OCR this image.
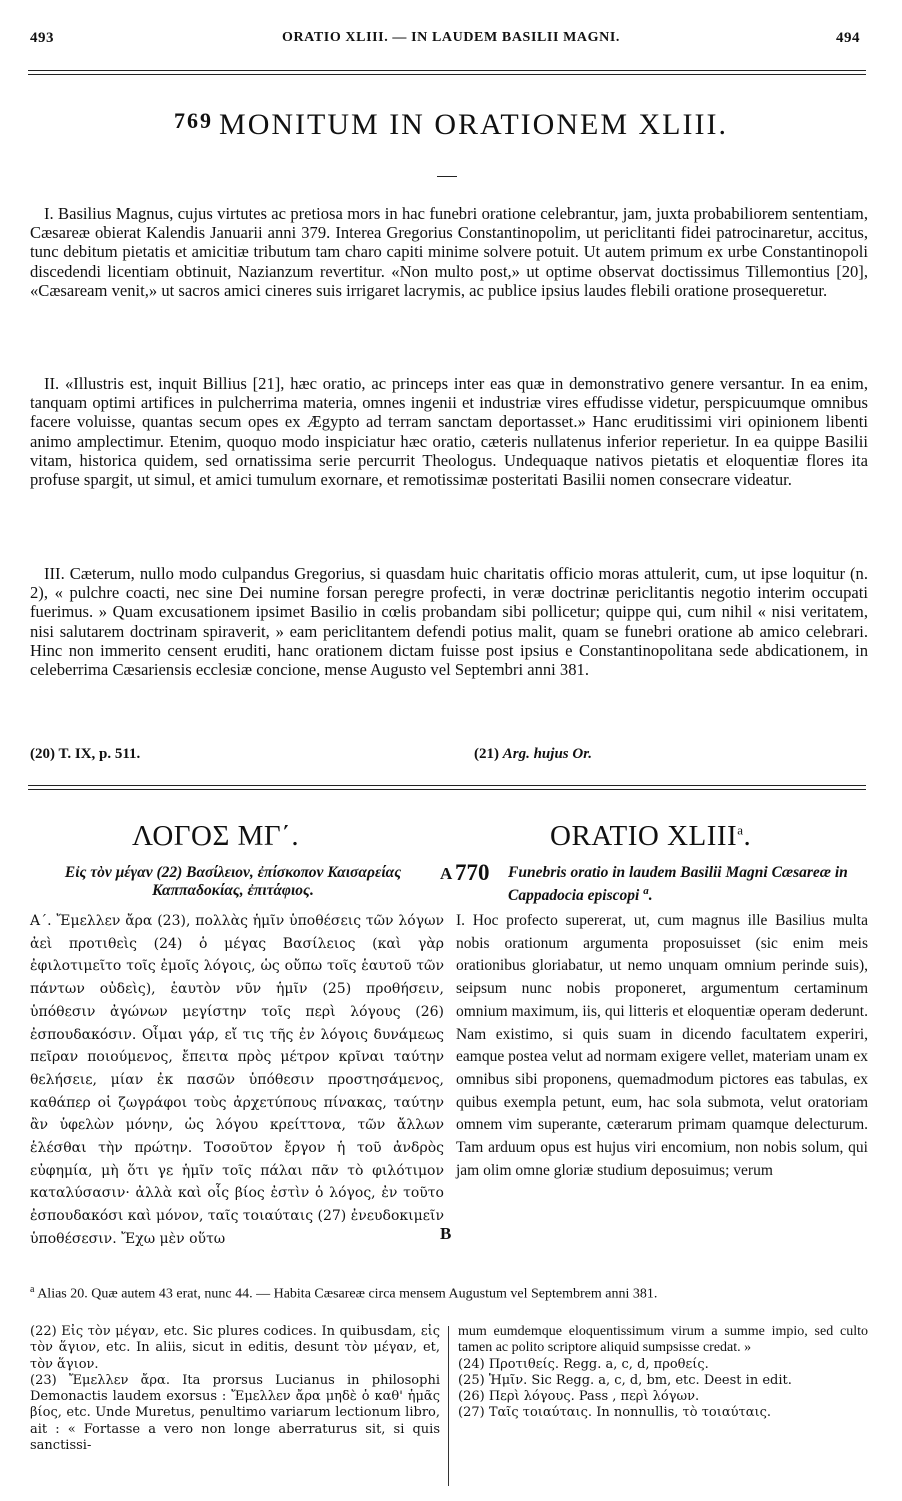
493	ORATIO XLIII. — IN LAUDEM BASILII MAGNI.	494
$^{769}$ MONITUM IN ORATIONEM XLIII.

I. Basilius Magnus, cujus virtutes ac pretiosa mors in hac funebri oratione celebrantur, jam, juxta probabiliorem sententiam, Cæsareæ obierat Kalendis Januarii anni 379. Interea Gregorius Constantinopolim, ut periclitanti fidei patrocinaretur, accitus, tunc debitum pietatis et amicitiæ tributum tam charo capiti minime solvere potuit. Ut autem primum ex urbe Constantinopoli discedendi licentiam obtinuit, Nazianzum revertitur. «Non multo post,» ut optime observat doctissimus Tillemontius [20], «Cæsaream venit,» ut sacros amici cineres suis irrigaret lacrymis, ac publice ipsius laudes flebili oratione prosequeretur.

II. «Illustris est, inquit Billius [21], hæc oratio, ac princeps inter eas quæ in demonstrativo genere versantur. In ea enim, tanquam optimi artifices in pulcherrima materia, omnes ingenii et industriæ vires effudisse videtur, perspicuumque omnibus facere voluisse, quantas secum opes ex Ægypto ad terram sanctam deportasset.» Hanc eruditissimi viri opinionem libenti animo amplectimur. Etenim, quoquo modo inspiciatur hæc oratio, cæteris nullatenus inferior reperietur. In ea quippe Basilii vitam, historica quidem, sed ornatissima serie percurrit Theologus. Undequaque nativos pietatis et eloquentiæ flores ita profuse spargit, ut simul, et amici tumulum exornare, et remotissimæ posteritati Basilii nomen consecrare videatur.

III. Cæterum, nullo modo culpandus Gregorius, si quasdam huic charitatis officio moras attulerit, cum, ut ipse loquitur (n. 2), « pulchre coacti, nec sine Dei numine forsan peregre profecti, in veræ doctrinæ periclitantis negotio interim occupati fuerimus. » Quam excusationem ipsimet Basilio in cœlis probandam sibi pollicetur; quippe qui, cum nihil « nisi veritatem, nisi salutarem doctrinam spiraverit, » eam periclitantem defendi potius malit, quam se funebri oratione ab amico celebrari. Hinc non immerito censent eruditi, hanc orationem dictam fuisse post ipsius e Constantinopolitana sede abdicationem, in celeberrima Cæsariensis ecclesiæ concione, mense Augusto vel Septembri anni 381.

(20) T. IX, p. 511.	(21) Arg. hujus Or.
ΛΟΓΟΣ ΜΓ΄.
Εἰς τὸν μέγαν (22) Βασίλειον, ἐπίσκοπον Καισαρείας Καππαδοκίας, ἐπιτάφιος.

Α΄. Ἔμελλεν ἄρα (23), πολλὰς ἡμῖν ὑποθέσεις τῶν λόγων ἀεὶ προτιθεὶς (24) ὁ μέγας Βασίλειος (καὶ γὰρ ἐφιλοτιμεῖτο τοῖς ἐμοῖς λόγοις, ὡς οὔπω τοῖς ἑαυτοῦ τῶν πάντων οὐδεὶς), ἑαυτὸν νῦν ἡμῖν (25) προθήσειν, ὑπόθεσιν ἀγώνων μεγίστην τοῖς περὶ λόγους (26) ἐσπουδακόσιν. Οἶμαι γάρ, εἴ τις τῆς ἐν λόγοις δυνάμεως πεῖραν ποιούμενος, ἔπειτα πρὸς μέτρον κρῖναι ταύτην θελήσειε, μίαν ἐκ πασῶν ὑπόθεσιν προστησάμενος, καθάπερ οἱ ζωγράφοι τοὺς ἀρχετύπους πίνακας, ταύτην ἂν ὑφελὼν μόνην, ὡς λόγου κρείττονα, τῶν ἄλλων ἑλέσθαι τὴν πρώτην. Τοσοῦτον ἔργον ἡ τοῦ ἀνδρὸς εὐφημία, μὴ ὅτι γε ἡμῖν τοῖς πάλαι πᾶν τὸ φιλότιμον καταλύσασιν· ἀλλὰ καὶ οἷς βίος ἐστὶν ὁ λόγος, ἐν τοῦτο ἐσπουδακόσι καὶ μόνον, ταῖς τοιαύταις (27) ἐνευδοκιμεῖν ὑποθέσεσιν. Ἔχω μὲν οὕτω

A
B
ORATIO XLIII$^a$.
770 Funebris oratio in laudem Basilii Magni Cæsareæ in Cappadocia episcopi $^a$.

I. Hoc profecto supererat, ut, cum magnus ille Basilius multa nobis orationum argumenta proposuisset (sic enim meis orationibus gloriabatur, ut nemo unquam omnium perinde suis), seipsum nunc nobis proponeret, argumentum certaminum omnium maximum, iis, qui litteris et eloquentiæ operam dederunt. Nam existimo, si quis suam in dicendo facultatem experiri, eamque postea velut ad normam exigere vellet, materiam unam ex omnibus sibi proponens, quemadmodum pictores eas tabulas, ex quibus exempla petunt, eum, hac sola submota, velut oratoriam omnem vim superante, cæterarum primam quamque delecturum. Tam arduum opus est hujus viri encomium, non nobis solum, qui jam olim omne gloriæ studium deposuimus; verum

$^a$ Alias 20. Quæ autem 43 erat, nunc 44. — Habita Cæsareæ circa mensem Augustum vel Septembrem anni 381.

(22) Εἰς τὸν μέγαν, etc. Sic plures codices. In quibusdam, εἰς τὸν ἅγιον, etc. In aliis, sicut in editis, desunt τὸν μέγαν, et, τὸν ἅγιον.

(23) Ἔμελλεν ἄρα. Ita prorsus Lucianus in philosophi Demonactis laudem exorsus : Ἔμελλεν ἄρα μηδὲ ὁ καθ' ἡμᾶς βίος, etc. Unde Muretus, penultimo variarum lectionum libro, ait : « Fortasse a vero non longe aberraturus sit, si quis sanctissi-

mum eumdemque eloquentissimum virum a summe impio, sed culto tamen ac polito scriptore aliquid sumpsisse credat. »

(24) Προτιθείς. Regg. a, c, d, προθείς.

(25) Ἡμῖν. Sic Regg. a, c, d, bm, etc. Deest in edit.

(26) Περὶ λόγους. Pass , περὶ λόγων.

(27) Ταῖς τοιαύταις. In nonnullis, τὸ τοιαύταις.
